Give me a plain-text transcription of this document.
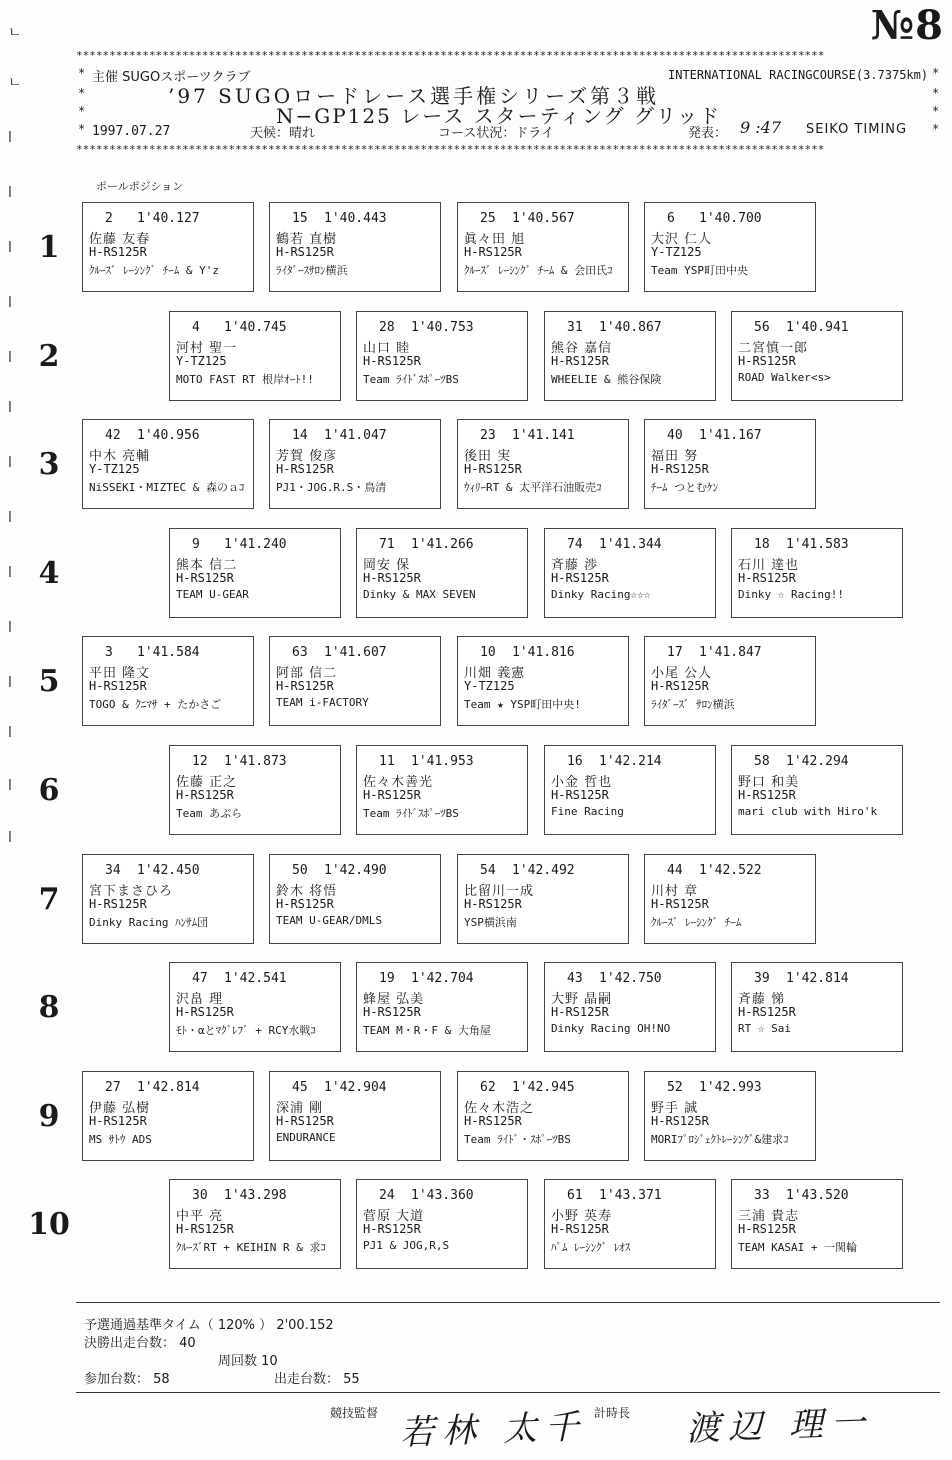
№8
ㄴ
ㄴ
l
l
l
l
l
l
l
l
l
l
l
l
l
l
*****************************************************************************************************************
*****************************************************************************************************************
*
*
*
*
*
*
*
*
主催 SUGOスポーツクラブ	INTERNATIONAL RACINGCOURSE(3.7375km)
’97 SUGOロードレース選手権シリーズ第３戦
N−GP125 レース スターティング グリッド
1997.07.27	天候：晴れ	コース状況：ドライ	発表： 9 :47 SEIKO TIMING
ポールポジション
1
2 1'40.127
佐藤 友春
H-RS125R
ｸﾙｰｽﾞ ﾚｰｼﾝｸﾞ ﾁｰﾑ & Y'z
15 1'40.443
鶴若 直樹
H-RS125R
ﾗｲﾀﾞｰｽｻﾛﾝ横浜
25 1'40.567
眞々田 旭
H-RS125R
ｸﾙｰｽﾞ ﾚｰｼﾝｸﾞ ﾁｰﾑ & 会田氏ｺ
6 1'40.700
大沢 仁人
Y-TZ125
Team YSP町田中央
2
4 1'40.745
河村 聖一
Y-TZ125
MOTO FAST RT 根岸ｵｰﾄ!!
28 1'40.753
山口 睦
H-RS125R
Team ﾗｲﾄﾞｽﾎﾟｰﾂBS
31 1'40.867
熊谷 嘉信
H-RS125R
WHEELIE & 熊谷保険
56 1'40.941
二宮慎一郎
H-RS125R
ROAD Walker<s>
3
42 1'40.956
中木 亮輔
Y-TZ125
NiSSEKI・MIZTEC & 森のａｺ
14 1'41.047
芳賀 俊彦
H-RS125R
PJ1・JOG.R.S・鳥清
23 1'41.141
後田 実
H-RS125R
ｳｨﾘｰRT & 太平洋石油販売ｺ
40 1'41.167
福田 努
H-RS125R
ﾁｰﾑ つとむｹﾝ
4
9 1'41.240
熊本 信二
H-RS125R
TEAM U-GEAR
71 1'41.266
岡安 保
H-RS125R
Dinky & MAX SEVEN
74 1'41.344
斉藤 渉
H-RS125R
Dinky Racing☆☆☆
18 1'41.583
石川 達也
H-RS125R
Dinky ☆ Racing!!
5
3 1'41.584
平田 隆文
H-RS125R
TOGO & ｸﾆﾏｻ + たかさご
63 1'41.607
阿部 信二
H-RS125R
TEAM i-FACTORY
10 1'41.816
川畑 義憲
Y-TZ125
Team ★ YSP町田中央!
17 1'41.847
小尾 公人
H-RS125R
ﾗｲﾀﾞｰｽﾞ ｻﾛﾝ横浜
6
12 1'41.873
佐藤 正之
H-RS125R
Team あぶら
11 1'41.953
佐々木善光
H-RS125R
Team ﾗｲﾄﾞｽﾎﾟｰﾂBS
16 1'42.214
小金 哲也
H-RS125R
Fine Racing
58 1'42.294
野口 和美
H-RS125R
mari club with Hiro'k
7
34 1'42.450
宮下まさひろ
H-RS125R
Dinky Racing ﾊﾝｻﾑ団
50 1'42.490
鈴木 将悟
H-RS125R
TEAM U-GEAR/DMLS
54 1'42.492
比留川一成
H-RS125R
YSP横浜南
44 1'42.522
川村 章
H-RS125R
ｸﾙｰｽﾞ ﾚｰｼﾝｸﾞ ﾁｰﾑ
8
47 1'42.541
沢畠 理
H-RS125R
ﾓﾄ・αとﾏｸﾞﾚﾌﾞ + RCY水戦ｺ
19 1'42.704
蜂屋 弘美
H-RS125R
TEAM M・R・F & 大角屋
43 1'42.750
大野 晶嗣
H-RS125R
Dinky Racing OH!NO
39 1'42.814
斉藤 悌
H-RS125R
RT ☆ Sai
9
27 1'42.814
伊藤 弘樹
H-RS125R
MS ｻﾄｳ ADS
45 1'42.904
深浦 剛
H-RS125R
ENDURANCE
62 1'42.945
佐々木浩之
H-RS125R
Team ﾗｲﾄﾞ・ｽﾎﾟｰﾂBS
52 1'42.993
野手 誠
H-RS125R
MORIﾌﾟﾛｼﾞｪｸﾄﾚｰｼﾝｸﾞ&建求ｺ
10
30 1'43.298
中平 亮
H-RS125R
ｸﾙｰｽﾞRT + KEIHIN R & 求ｺ
24 1'43.360
菅原 大道
H-RS125R
PJ1 & JOG,R,S
61 1'43.371
小野 英寿
H-RS125R
ﾊﾟﾑ ﾚｰｼﾝｸﾞ ﾚｵｽ
33 1'43.520
三浦 貴志
H-RS125R
TEAM KASAI + 一関輪
予選通過基準タイム（ 120% ） 2'00.152
決勝出走台数： 40
周回数 10
参加台数： 58	出走台数： 55
競技監督 若林 太千 計時長 渡辺 理一
